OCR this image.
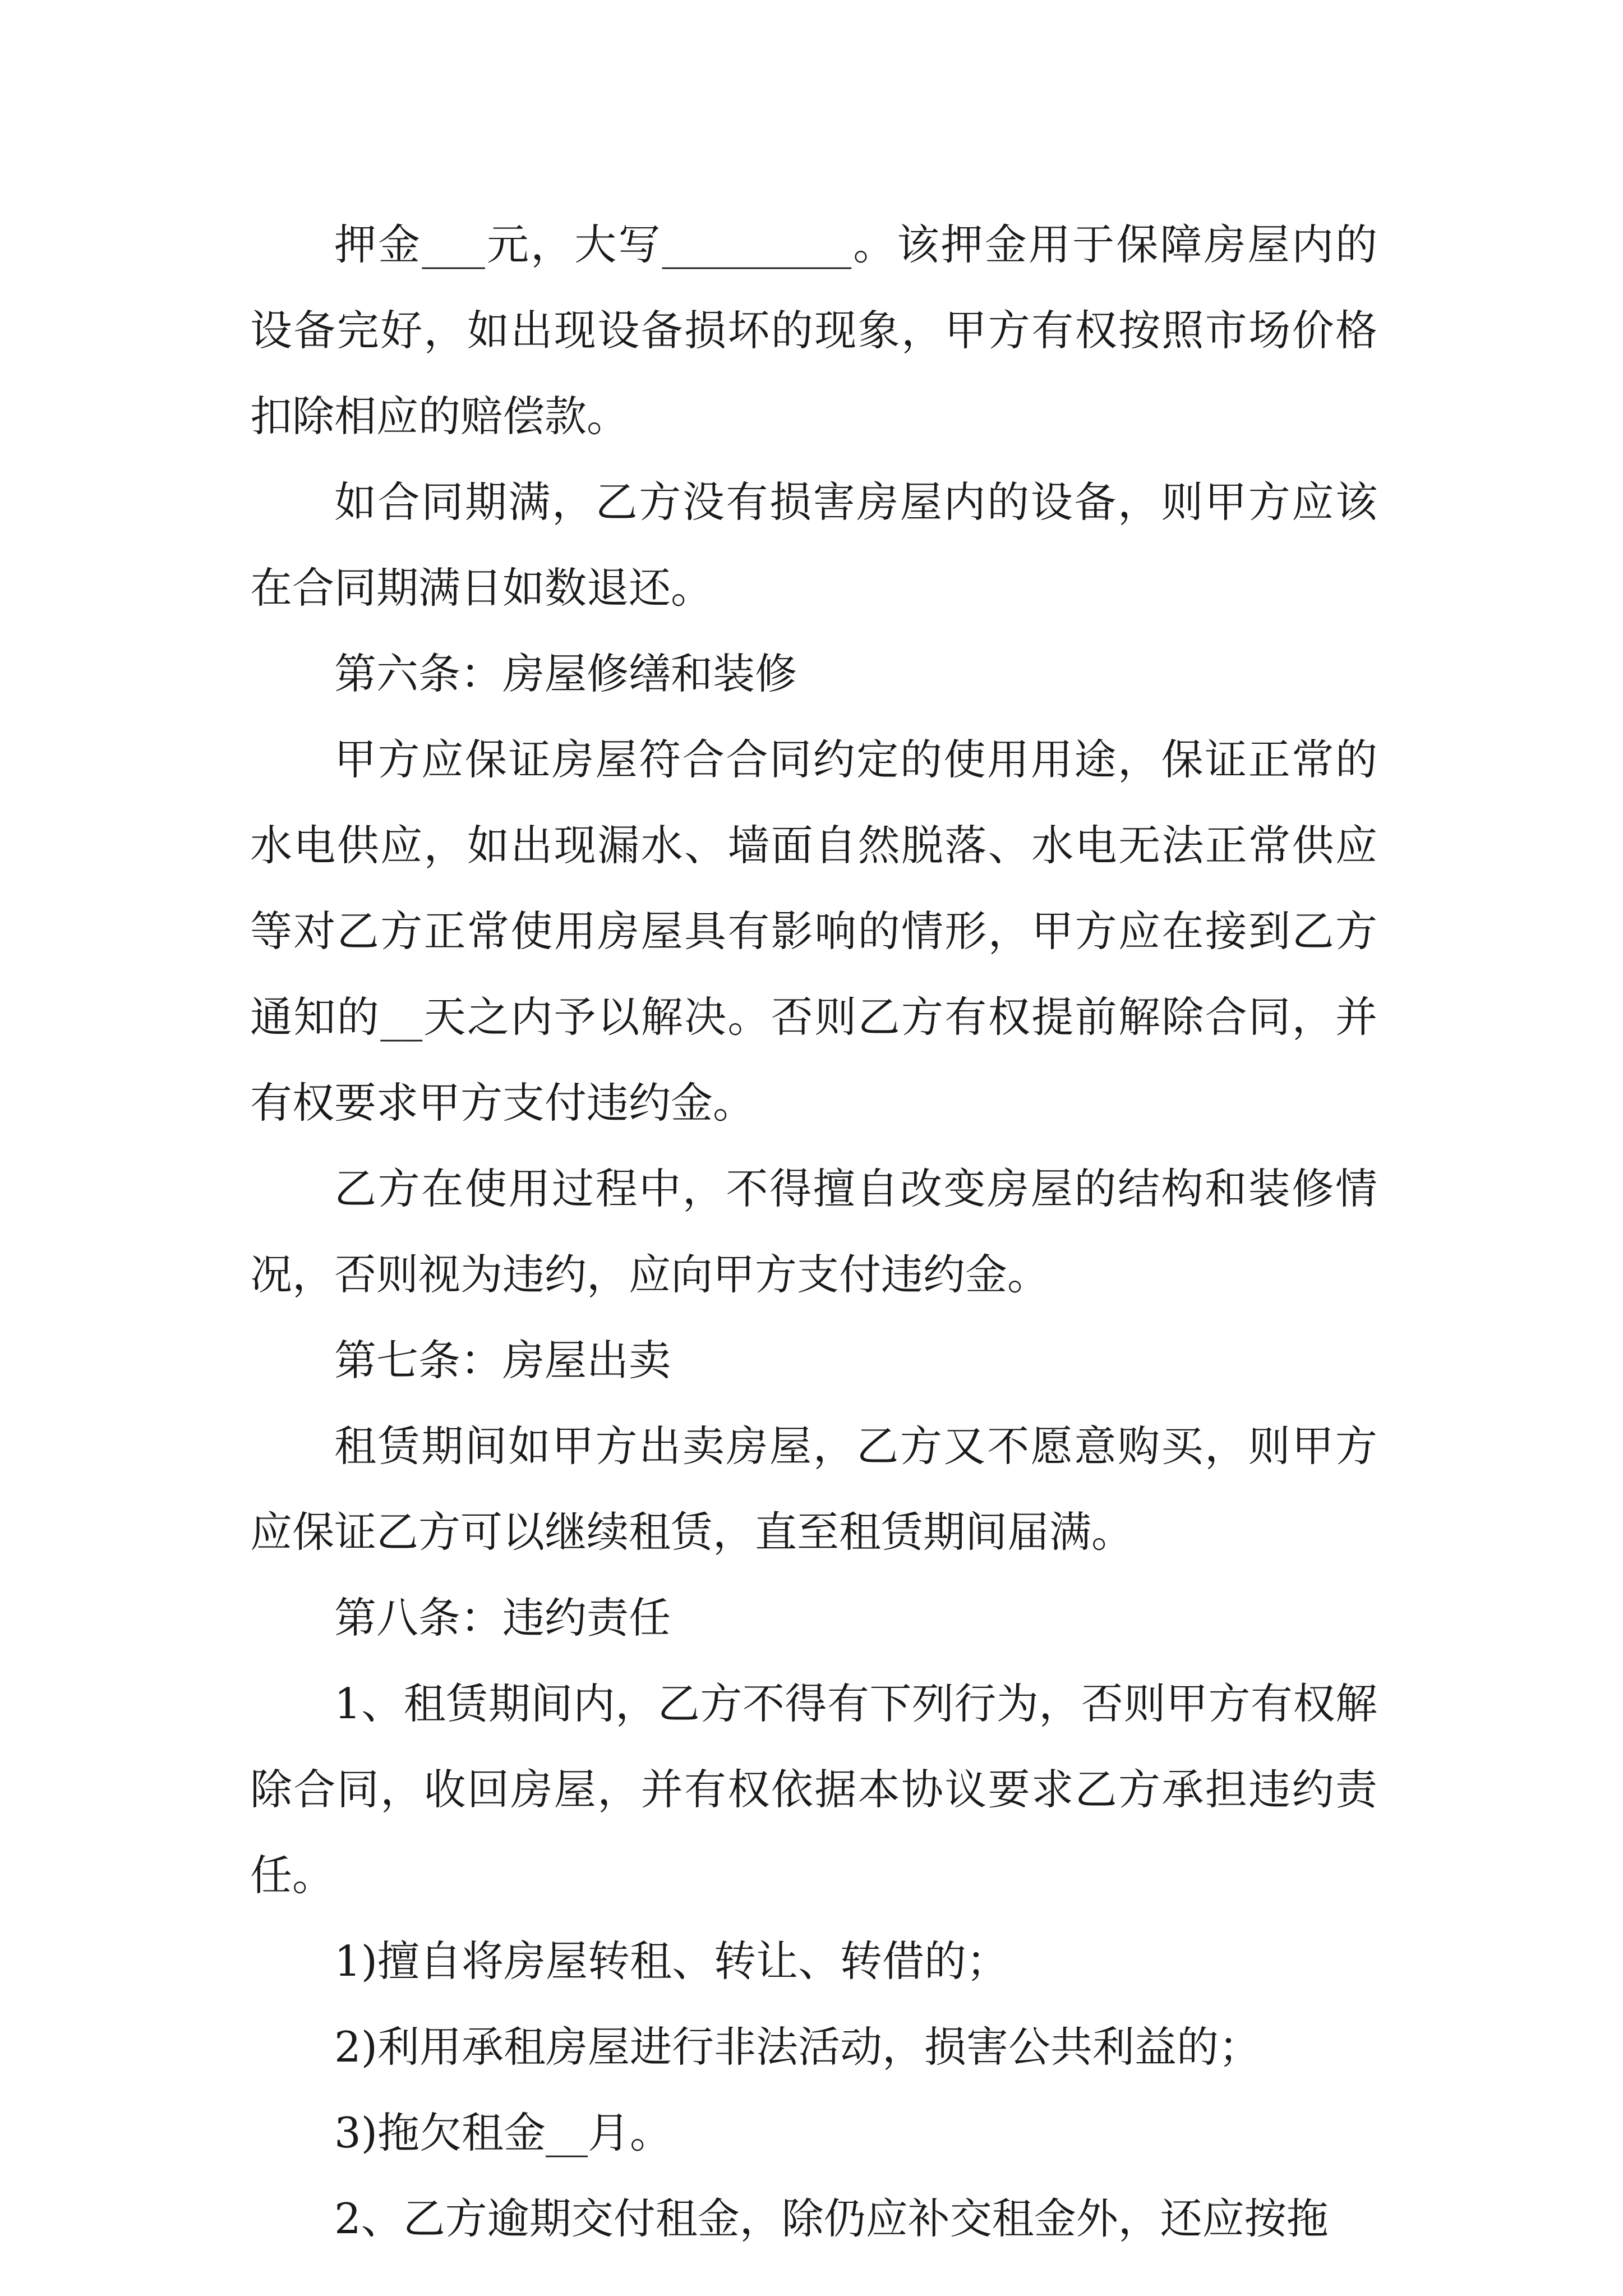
押金___元，大写_________。该押金用于保障房屋内的设备完好，如出现设备损坏的现象，甲方有权按照市场价格扣除相应的赔偿款。

如合同期满，乙方没有损害房屋内的设备，则甲方应该在合同期满日如数退还。

第六条：房屋修缮和装修

甲方应保证房屋符合合同约定的使用用途，保证正常的水电供应，如出现漏水、墙面自然脱落、水电无法正常供应等对乙方正常使用房屋具有影响的情形，甲方应在接到乙方通知的__天之内予以解决。否则乙方有权提前解除合同，并有权要求甲方支付违约金。

乙方在使用过程中，不得擅自改变房屋的结构和装修情况，否则视为违约，应向甲方支付违约金。

第七条：房屋出卖

租赁期间如甲方出卖房屋，乙方又不愿意购买，则甲方应保证乙方可以继续租赁，直至租赁期间届满。

第八条：违约责任

1、租赁期间内，乙方不得有下列行为，否则甲方有权解除合同，收回房屋，并有权依据本协议要求乙方承担违约责任。

1)擅自将房屋转租、转让、转借的；

2)利用承租房屋进行非法活动，损害公共利益的；

3)拖欠租金__月。

2、乙方逾期交付租金，除仍应补交租金外，还应按拖
